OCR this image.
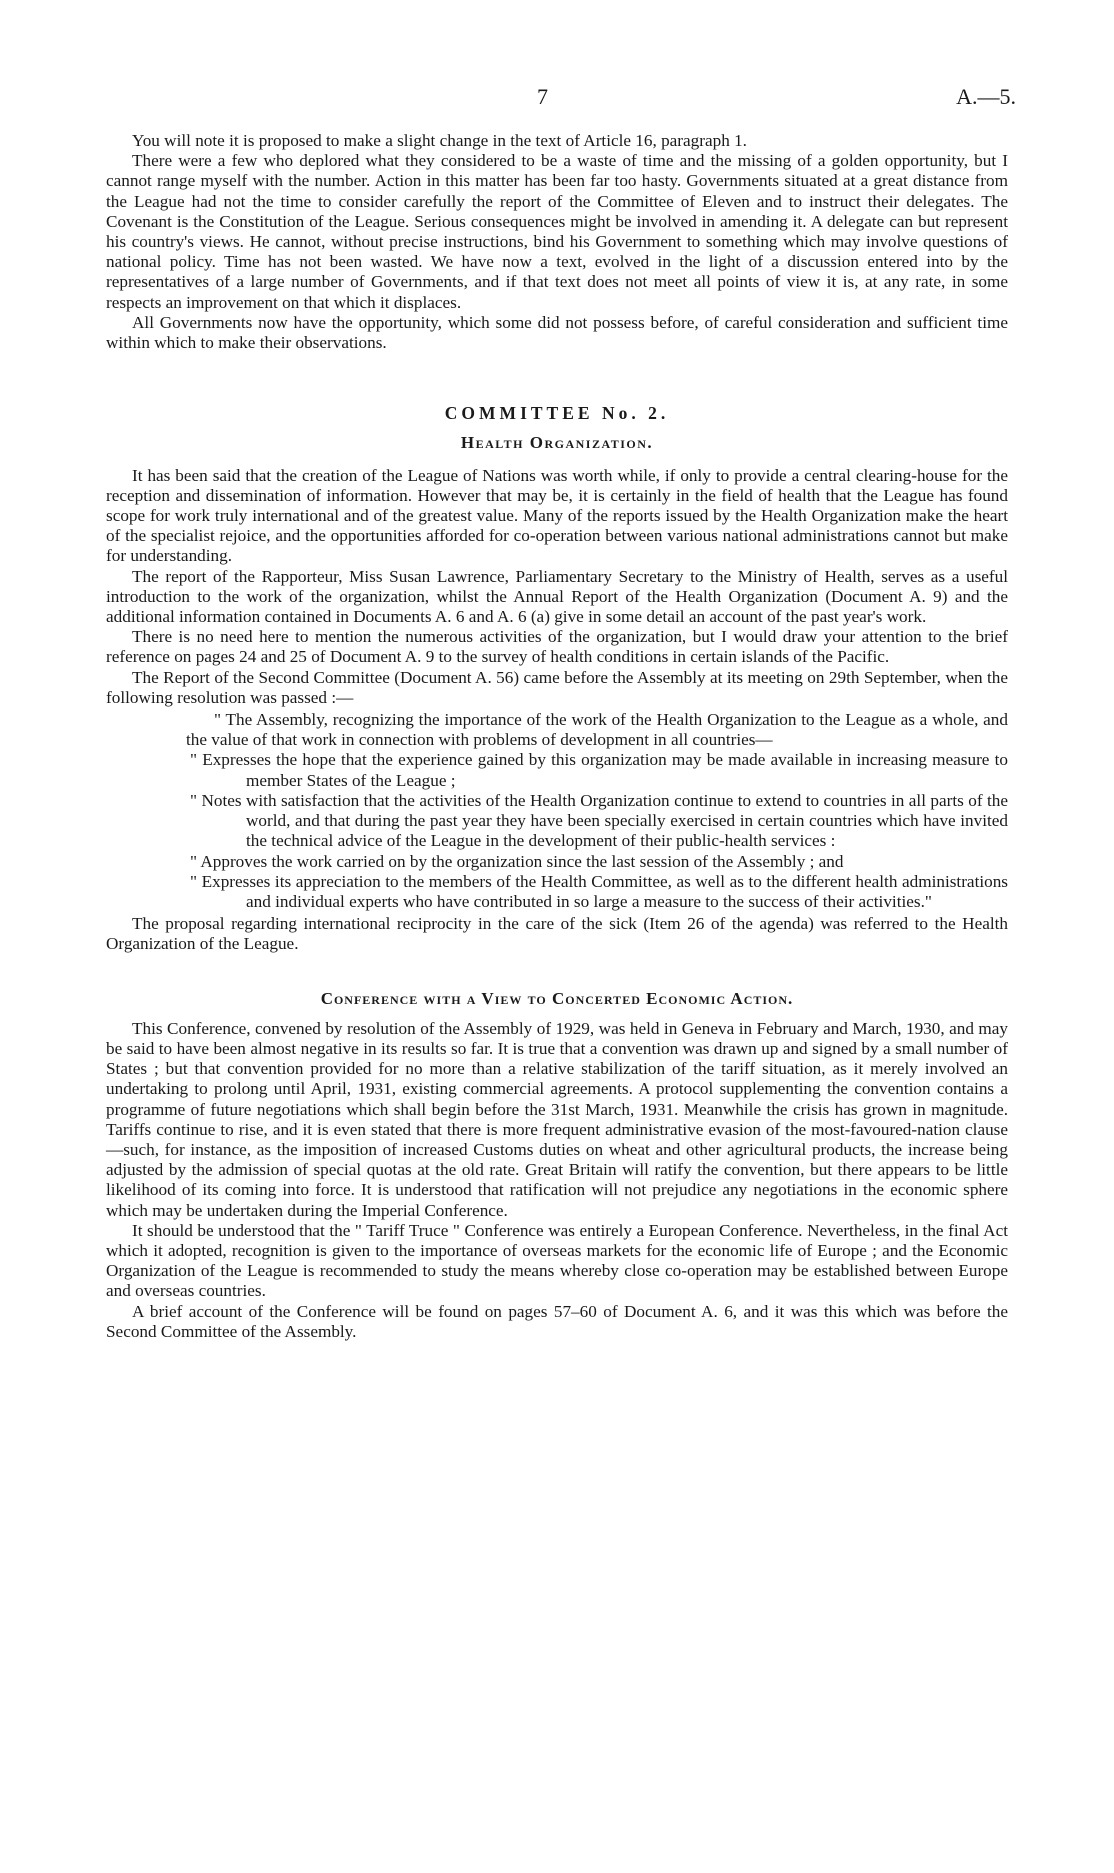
7	A.—5.

You will note it is proposed to make a slight change in the text of Article 16, paragraph 1.

There were a few who deplored what they considered to be a waste of time and the missing of a golden opportunity, but I cannot range myself with the number. Action in this matter has been far too hasty. Governments situated at a great distance from the League had not the time to consider carefully the report of the Committee of Eleven and to instruct their delegates. The Covenant is the Constitution of the League. Serious consequences might be involved in amending it. A delegate can but represent his country's views. He cannot, without precise instructions, bind his Government to something which may involve questions of national policy. Time has not been wasted. We have now a text, evolved in the light of a discussion entered into by the representatives of a large number of Governments, and if that text does not meet all points of view it is, at any rate, in some respects an improvement on that which it displaces.

All Governments now have the opportunity, which some did not possess before, of careful consideration and sufficient time within which to make their observations.

COMMITTEE No. 2.
Health Organization.

It has been said that the creation of the League of Nations was worth while, if only to provide a central clearing-house for the reception and dissemination of information. However that may be, it is certainly in the field of health that the League has found scope for work truly international and of the greatest value. Many of the reports issued by the Health Organization make the heart of the specialist rejoice, and the opportunities afforded for co-operation between various national administrations cannot but make for understanding.

The report of the Rapporteur, Miss Susan Lawrence, Parliamentary Secretary to the Ministry of Health, serves as a useful introduction to the work of the organization, whilst the Annual Report of the Health Organization (Document A. 9) and the additional information contained in Documents A. 6 and A. 6 (a) give in some detail an account of the past year's work.

There is no need here to mention the numerous activities of the organization, but I would draw your attention to the brief reference on pages 24 and 25 of Document A. 9 to the survey of health conditions in certain islands of the Pacific.

The Report of the Second Committee (Document A. 56) came before the Assembly at its meeting on 29th September, when the following resolution was passed :—

" The Assembly, recognizing the importance of the work of the Health Organization to the League as a whole, and the value of that work in connection with problems of development in all countries—

" Expresses the hope that the experience gained by this organization may be made available in increasing measure to member States of the League ;

" Notes with satisfaction that the activities of the Health Organization continue to extend to countries in all parts of the world, and that during the past year they have been specially exercised in certain countries which have invited the technical advice of the League in the development of their public-health services :

" Approves the work carried on by the organization since the last session of the Assembly ; and

" Expresses its appreciation to the members of the Health Committee, as well as to the different health administrations and individual experts who have contributed in so large a measure to the success of their activities."

The proposal regarding international reciprocity in the care of the sick (Item 26 of the agenda) was referred to the Health Organization of the League.

Conference with a View to Concerted Economic Action.

This Conference, convened by resolution of the Assembly of 1929, was held in Geneva in February and March, 1930, and may be said to have been almost negative in its results so far. It is true that a convention was drawn up and signed by a small number of States ; but that convention provided for no more than a relative stabilization of the tariff situation, as it merely involved an undertaking to prolong until April, 1931, existing commercial agreements. A protocol supplementing the convention contains a programme of future negotiations which shall begin before the 31st March, 1931. Meanwhile the crisis has grown in magnitude. Tariffs continue to rise, and it is even stated that there is more frequent administrative evasion of the most-favoured-nation clause—such, for instance, as the imposition of increased Customs duties on wheat and other agricultural products, the increase being adjusted by the admission of special quotas at the old rate. Great Britain will ratify the convention, but there appears to be little likelihood of its coming into force. It is understood that ratification will not prejudice any negotiations in the economic sphere which may be undertaken during the Imperial Conference.

It should be understood that the " Tariff Truce " Conference was entirely a European Conference. Nevertheless, in the final Act which it adopted, recognition is given to the importance of overseas markets for the economic life of Europe ; and the Economic Organization of the League is recommended to study the means whereby close co-operation may be established between Europe and overseas countries.

A brief account of the Conference will be found on pages 57–60 of Document A. 6, and it was this which was before the Second Committee of the Assembly.
